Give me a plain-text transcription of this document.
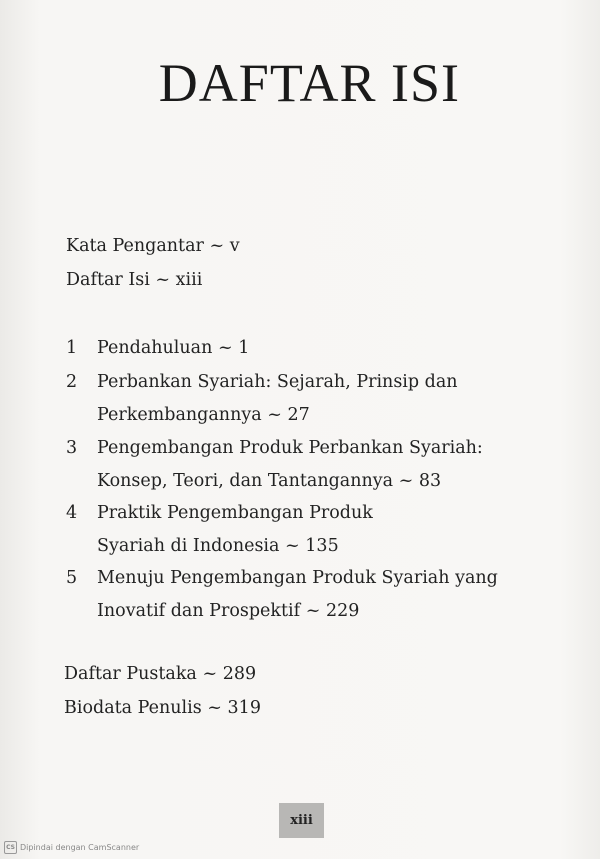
DAFTAR ISI
Kata Pengantar ~ v
Daftar Isi ~ xiii
1 Pendahuluan ~ 1
2 Perbankan Syariah: Sejarah, Prinsip dan
Perkembangannya ~ 27
3 Pengembangan Produk Perbankan Syariah:
Konsep, Teori, dan Tantangannya ~ 83
4 Praktik Pengembangan Produk
Syariah di Indonesia ~ 135
5 Menuju Pengembangan Produk Syariah yang
Inovatif dan Prospektif ~ 229
Daftar Pustaka ~ 289
Biodata Penulis ~ 319
xiii
CS Dipindai dengan CamScanner
